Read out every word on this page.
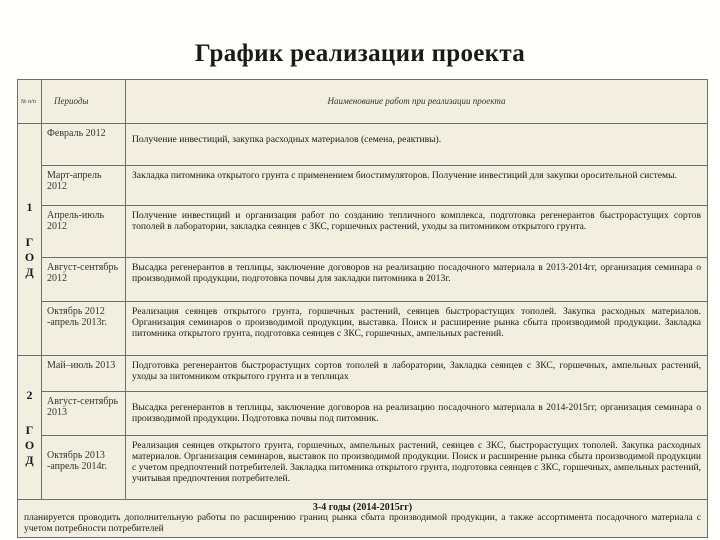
График реализации проекта
№ п/п	Периоды	Наименование работ при реализации проекта

1
Г
О
Д	Февраль 2012	Получение инвестиций, закупка расходных материалов (семена, реактивы).
	Март-апрель 2012	Закладка питомника открытого грунта с применением биостимуляторов. Получение инвестиций для закупки оросительной системы.
	Апрель-июль 2012	Получение инвестиций и организация работ по созданию тепличного комплекса, подготовка регенерантов быстрорастущих сортов тополей в лаборатории, закладка сеянцев с ЗКС, горшечных растений, уходы за питомником открытого грунта.
	Август-сентябрь 2012	Высадка регенерантов в теплицы, заключение договоров на реализацию посадочного материала в 2013-2014гг, организация семинара о производимой продукции, подготовка почвы для закладки питомника в 2013г.
	Октябрь 2012 -апрель 2013г.	Реализация сеянцев открытого грунта, горшечных растений, сеянцев быстрорастущих тополей. Закупка расходных материалов. Организация семинаров о производимой продукции, выставка. Поиск и расширение рынка сбыта производимой продукции. Закладка питомника открытого грунта, подготовка сеянцев с ЗКС, горшечных, ампельных растений.

2
Г
О
Д	Май–июль 2013	Подготовка регенерантов быстрорастущих сортов тополей в лаборатории, Закладка сеянцев с ЗКС, горшечных, ампельных растений, уходы за питомником открытого грунта и в теплицах
	Август-сентябрь 2013	Высадка регенерантов в теплицы, заключение договоров на реализацию посадочного материала в 2014-2015гг, организация семинара о производимой продукции. Подготовка почвы под питомник.
	Октябрь 2013 -апрель 2014г.	Реализация сеянцев открытого грунта, горшечных, ампельных растений, сеянцев с ЗКС, быстрорастущих тополей. Закупка расходных материалов. Организация семинаров, выставок по производимой продукции. Поиск и расширение рынка сбыта производимой продукции с учетом предпочтений потребителей. Закладка питомника открытого грунта, подготовка сеянцев с ЗКС, горшечных, ампельных растений, учитывая предпочтения потребителей.

3-4 годы (2014-2015гг)
планируется проводить дополнительную работы по расширению границ рынка сбыта производимой продукции, а также ассортимента посадочного материала с учетом потребности потребителей		
